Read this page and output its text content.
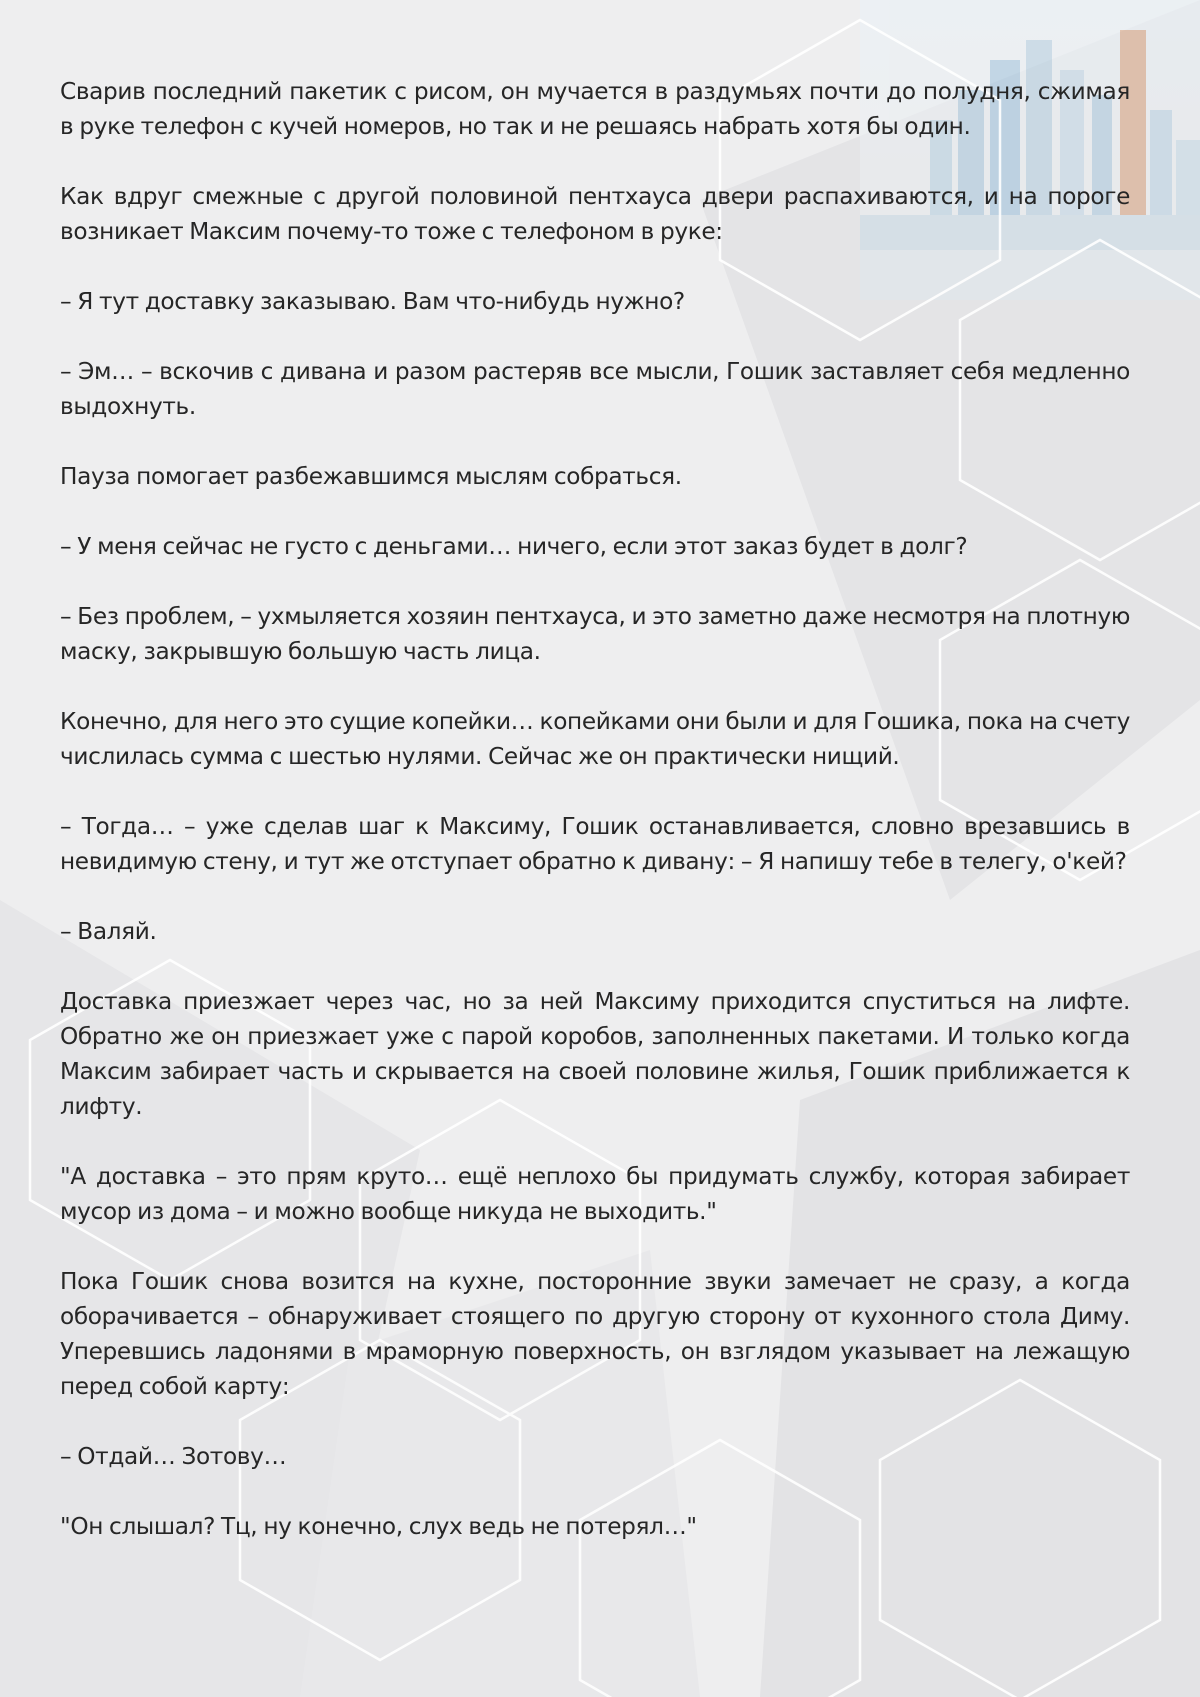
Сварив последний пакетик с рисом, он мучается в раздумьях почти до полудня, сжимая в руке телефон с кучей номеров, но так и не решаясь набрать хотя бы один.

Как вдруг смежные с другой половиной пентхауса двери распахиваются, и на пороге возникает Максим почему-то тоже с телефоном в руке:

– Я тут доставку заказываю. Вам что-нибудь нужно?

– Эм… – вскочив с дивана и разом растеряв все мысли, Гошик заставляет себя медленно выдохнуть.

Пауза помогает разбежавшимся мыслям собраться.

– У меня сейчас не густо с деньгами… ничего, если этот заказ будет в долг?

– Без проблем, – ухмыляется хозяин пентхауса, и это заметно даже несмотря на плотную маску, закрывшую большую часть лица.

Конечно, для него это сущие копейки… копейками они были и для Гошика, пока на счету числилась сумма с шестью нулями. Сейчас же он практически нищий.

– Тогда… – уже сделав шаг к Максиму, Гошик останавливается, словно врезавшись в невидимую стену, и тут же отступает обратно к дивану: – Я напишу тебе в телегу, о'кей?

– Валяй.

Доставка приезжает через час, но за ней Максиму приходится спуститься на лифте. Обратно же он приезжает уже с парой коробов, заполненных пакетами. И только когда Максим забирает часть и скрывается на своей половине жилья, Гошик приближается к лифту.

"А доставка – это прям круто… ещё неплохо бы придумать службу, которая забирает мусор из дома – и можно вообще никуда не выходить."

Пока Гошик снова возится на кухне, посторонние звуки замечает не сразу, а когда оборачивается – обнаруживает стоящего по другую сторону от кухонного стола Диму. Уперевшись ладонями в мраморную поверхность, он взглядом указывает на лежащую перед собой карту:

– Отдай… Зотову…

"Он слышал? Тц, ну конечно, слух ведь не потерял…"
